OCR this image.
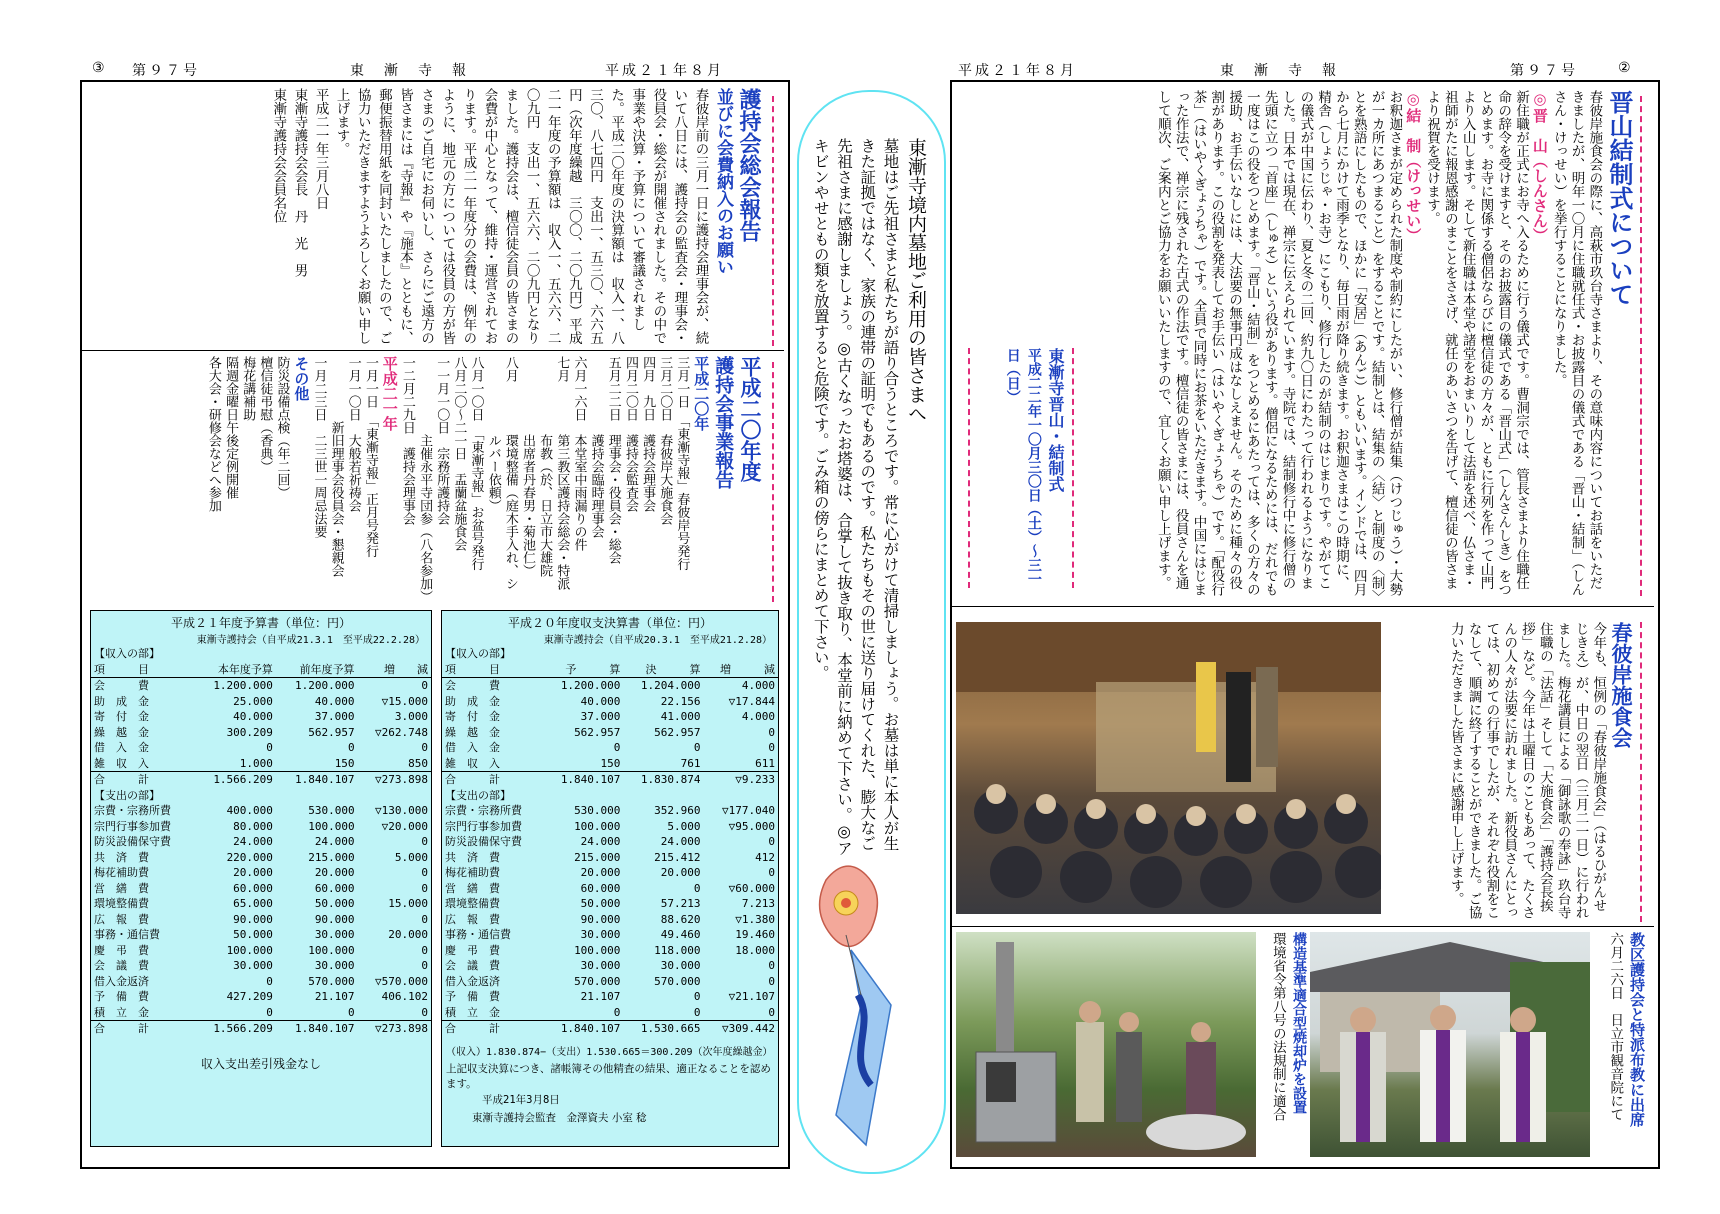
③ 第９７号	東　漸　寺　報	平成２１年８月	平成２１年８月	東　漸　寺　報	第９７号	②
護持会総会報告
並びに会費納入のお願い
春彼岸前の三月一日に護持会理事会が、続いて八日には、護持会の監査会・理事会・役員会・総会が開催されました。その中で事業や決算・予算について審議されました。平成二〇年度の決算額は　収入一、八三〇、八七四円　支出一、五三〇、六六五円（次年度繰越　三〇〇、二〇九円）平成二一年度の予算額は　収入一、五六六、二〇九円　支出一、五六六、二〇九円となりました。護持会は、檀信徒会員の皆さまの会費が中心となって、維持・運営されております。平成二一年度分の会費は、例年のように、地元の方については役員の方が皆さまのご自宅にお伺いし、さらにご遠方の皆さまには『寺報』や『施本』とともに、郵便振替用紙を同封いたしましたので、ご協力いただきますようよろしくお願い申し上げます。
平成二一年三月八日
東漸寺護持会会長　丹　光　男
東漸寺護持会会員名位
平成二〇年度
護持会事業報告
平成二〇年
三月一日　「東漸寺報」春彼岸号発行
三月二〇日　春彼岸大施食会
四月　九日　護持会理事会
四月二〇日　護持会監査会
五月二二日　理事会・役員会・総会
　　　　　　護持会臨時理事会
六月一六日　本堂室中雨漏りの件
七月　　　　第三教区護持会総会・特派
　　　　　　布教（於、日立市大雄院
　　　　　　出席者丹春男・菊池仁）
八月　　　　環境整備（庭木手入れ、シ
　　　　　　ルバー依頼）
八月一〇日　「東漸寺報」お盆号発行
八月二〇〜二一日　盂蘭盆施食会
一一月一〇日　宗務所護持会
　　　　　　主催永平寺団参（八名参加）
一二月二九日　護持会理事会
平成二一年
一月一日　「東漸寺報」正月号発行
一月一〇日　大般若祈祷会
　　　　　新旧理事会役員会・懇親会
一月二三日　二三世一周忌法要
その他
防災設備点検（年二回）
檀信徒弔慰（香典）
梅花講補助
隔週金曜日午後定例開催
各大会・研修会などへ参加
平成２１年度予算書（単位：円）
東漸寺護持会（自平成21.3.1　至平成22.2.28）
【収入の部】			
項　　　目	本年度予算	前年度予算	増　　減
会　　　費	1.200.000	1.200.000	0
助　成　金	25.000	40.000	▽15.000
寄　付　金	40.000	37.000	3.000
繰　越　金	300.209	562.957	▽262.748
借　入　金	0	0	0
雑　収　入	1.000	150	850
合　　　計	1.566.209	1.840.107	▽273.898
【支出の部】			
宗費・宗務所費	400.000	530.000	▽130.000
宗門行事参加費	80.000	100.000	▽20.000
防災設備保守費	24.000	24.000	0
共　済　費	220.000	215.000	5.000
梅花補助費	20.000	20.000	0
営　繕　費	60.000	60.000	0
環境整備費	65.000	50.000	15.000
広　報　費	90.000	90.000	0
事務・通信費	50.000	30.000	20.000
慶　弔　費	100.000	100.000	0
会　議　費	30.000	30.000	0
借入金返済	0	570.000	▽570.000
予　備　費	427.209	21.107	406.102
積　立　金	0	0	0
合　　　計	1.566.209	1.840.107	▽273.898
収入支出差引残金なし
平成２０年度収支決算書（単位：円）
東漸寺護持会（自平成20.3.1　至平成21.2.28）
【収入の部】			
項　　　目	予　　　算	決　　　算	増　　　減
会　　　費	1.200.000	1.204.000	4.000
助　成　金	40.000	22.156	▽17.844
寄　付　金	37.000	41.000	4.000
繰　越　金	562.957	562.957	0
借　入　金	0	0	0
雑　収　入	150	761	611
合　　　計	1.840.107	1.830.874	▽9.233
【支出の部】			
宗費・宗務所費	530.000	352.960	▽177.040
宗門行事参加費	100.000	5.000	▽95.000
防災設備保守費	24.000	24.000	0
共　済　費	215.000	215.412	412
梅花補助費	20.000	20.000	0
営　繕　費	60.000	0	▽60.000
環境整備費	50.000	57.213	7.213
広　報　費	90.000	88.620	▽1.380
事務・通信費	30.000	49.460	19.460
慶　弔　費	100.000	118.000	18.000
会　議　費	30.000	30.000	0
借入金返済	570.000	570.000	0
予　備　費	21.107	0	▽21.107
積　立　金	0	0	0
合　　　計	1.840.107	1.530.665	▽309.442
（収入）1.830.874−（支出）1.530.665＝300.209（次年度繰越金）
上記収支決算につき、諸帳簿その他精査の結果、適正なることを認めます。
平成21年3月8日
東漸寺護持会監査　金澤資夫 小室 稔
東漸寺境内墓地ご利用の皆さまへ
墓地はご先祖さまと私たちが語り合うところです。常に心がけて清掃しましょう。お墓は単に本人が生きた証拠ではなく、家族の連帯の証明でもあるのです。私たちもその世に送り届けてくれた、膨大なご先祖さまに感謝しましょう。◎古くなったお塔婆は、合掌して抜き取り、本堂前に納めて下さい。◎アキビンやせともの類を放置すると危険です。ごみ箱の傍らにまとめて下さい。	晋山結制式について
春彼岸施食会の際に、高萩市玖台寺さまより、その意味内容についてお話をいただきましたが、明年一〇月に住職就任式・お披露目の儀式である「晋山・結制」（しんさん・けっせい）を挙行することになりました。
◎晋　山（しんさん）
新住職が正式にお寺へ入るために行う儀式です。曹洞宗では、管長さまより住職任命の辞令を受けますと、そのお披露目の儀式である「晋山式」（しんさんしき）をつとめます。お寺に関係する僧侶ならびに檀信徒の方々が、ともに行列を作って山門より入山します。そして新住職は本堂や諸堂をおまいりして法語を述べ、仏さま・祖師がたに報恩感謝のまことをささげ、就任のあいさつを告げて、檀信徒の皆さまより祝賀を受けます。
◎結　制（けっせい）
お釈迦さまが定められた制度や制約にしたがい、修行僧が結集（けつじゅう）・大勢が一カ所にあつまること）をすることです。結制とは、結集の〈結〉と制度の〈制〉とを熟語にしたもので、ほかに「安居」（あんご）ともいいます。インドでは、四月から七月にかけて雨季となり、毎日雨が降り続きます。お釈迦さまはこの時期に、精舎（しょうじゃ・お寺）にこもり、修行したのが結制のはじまりです。やがてこの儀式が中国に伝わり、夏と冬の二回、約九〇日にわたって行われるようになりました。日本では現在、禅宗に伝えられています。寺院では、結制修行中に修行僧の先頭に立つ「首座」（しゅそ）という役があります。僧侶になるためには、だれでも一度はこの役をつとめます。「晋山・結制」をつとめるにあたっては、多くの方々の援助、お手伝いなしには、大法要の無事円成はなしえません。そのために種々の役割があります。この役割を発表してお手伝い（はいやくぎょうちゃ）です。「配役行茶」（はいやくぎょうちゃ）です。全員で同時にお茶をいただきます。中国にはじまった作法で、禅宗に残された古式の作法です。檀信徒の皆さまには、役員さんを通して順次、ご案内とご協力をお願いいたしますので、宜しくお願い申し上げます。
東漸寺晋山・結制式
平成二二年一〇月三〇日（土）〜三一日（日）
春彼岸施食会
今年も、恒例の「春彼岸施食会」（はるひがんせじきえ）が、中日の翌日（三月二一日）に行われました。梅花講員による「御詠歌の奉詠」玖台寺住職の「法話」そして「大施食会」「護持会長挨拶」など。今年は土曜日のこともあって、たくさんの人々が法要に訪れました。新役員さんにとっては、初めての行事でしたが、それぞれ役割をこなして、順調に終了することができました。ご協力いただきました皆さまに感謝申し上げます。
教区護持会と特派布教に出席
六月二六日　日立市観音院にて
構造基準適合型焼却炉を設置
環境省令第八号の法規制に適合
